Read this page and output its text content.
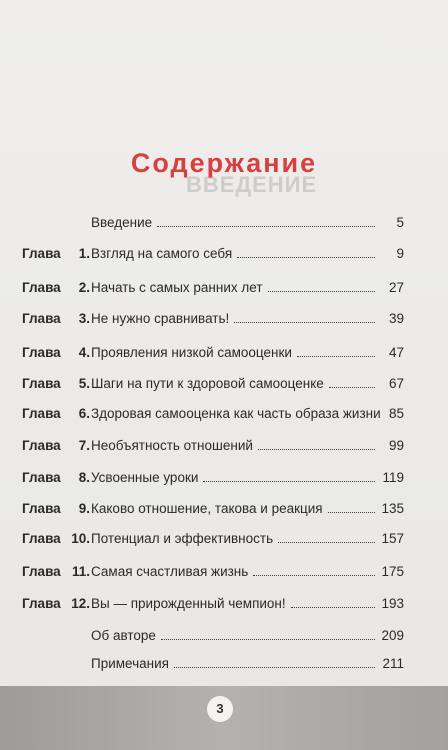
ВВЕДЕНИЕ
Содержание
Введение	5
Глава	1. Взгляд на самого себя	9
Глава	2. Начать с самых ранних лет	27
Глава	3. Не нужно сравнивать!	39
Глава	4. Проявления низкой самооценки	47
Глава	5. Шаги на пути к здоровой самооценке	67
Глава	6. Здоровая самооценка как часть образа жизни 85
Глава	7. Необъятность отношений	99
Глава	8. Усвоенные уроки	119
Глава	9. Каково отношение, такова и реакция	135
Глава 10. Потенциал и эффективность	157
Глава 11. Самая счастливая жизнь	175
Глава 12. Вы — прирожденный чемпион!	193
Об авторе	209
Примечания	211
3
